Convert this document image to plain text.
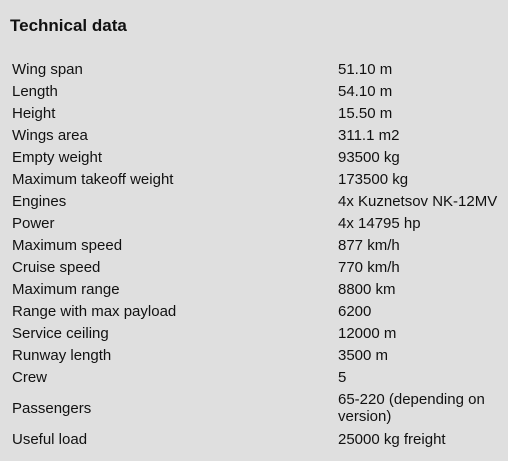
Technical data
Wing span	51.10 m
Length	54.10 m
Height	15.50 m
Wings area	311.1 m2
Empty weight	93500 kg
Maximum takeoff weight	173500 kg
Engines	4x Kuznetsov NK-12MV
Power	4x 14795 hp
Maximum speed	877 km/h
Cruise speed	770 km/h
Maximum range	8800 km
Range with max payload	6200
Service ceiling	12000 m
Runway length	3500 m
Crew	5
Passengers	65-220 (depending on version)
Useful load	25000 kg freight
